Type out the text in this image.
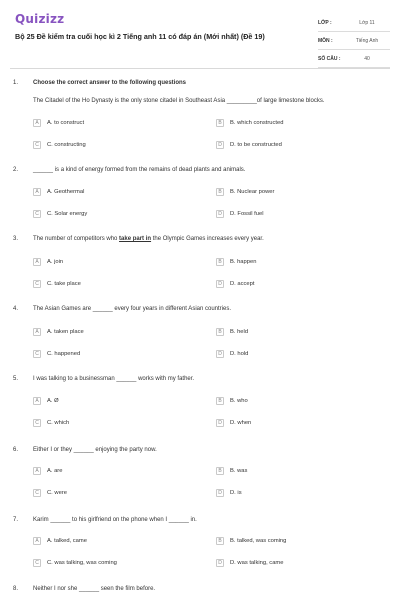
Quizizz
Bộ 25 Đề kiểm tra cuối học kì 2 Tiếng anh 11 có đáp án (Mới nhất) (Đề 19)
LỚP :	Lớp 11
MÔN :	Tiếng Anh
SỐ CÂU :	40
1. Choose the correct answer to the following questions
The Citadel of the Ho Dynasty is the only stone citadel in Southeast Asia _________of large limestone blocks.
A	A. to construct	B	B. which constructed
C	C. constructing	D	D. to be constructed
2. ______ is a kind of energy formed from the remains of dead plants and animals.
A	A. Geothermal	B	B. Nuclear power
C	C. Solar energy	D	D. Fossil fuel
3. The number of competitors who take part in the Olympic Games increases every year.
A	A. join	B	B. happen
C	C. take place	D	D. accept
4. The Asian Games are ______ every four years in different Asian countries.
A	A. taken place	B	B. held
C	C. happened	D	D. hold
5. I was talking to a businessman ______ works with my father.
A	A. Ø	B	B. who
C	C. which	D	D. when
6. Either I or they ______ enjoying the party now.
A	A. are	B	B. was
C	C. were	D	D. is
7. Karim ______ to his girlfriend on the phone when I ______ in.
A	A. talked, came	B	B. talked, was coming
C	C. was talking, was coming	D	D. was talking, came
8. Neither I nor she ______ seen the film before.
